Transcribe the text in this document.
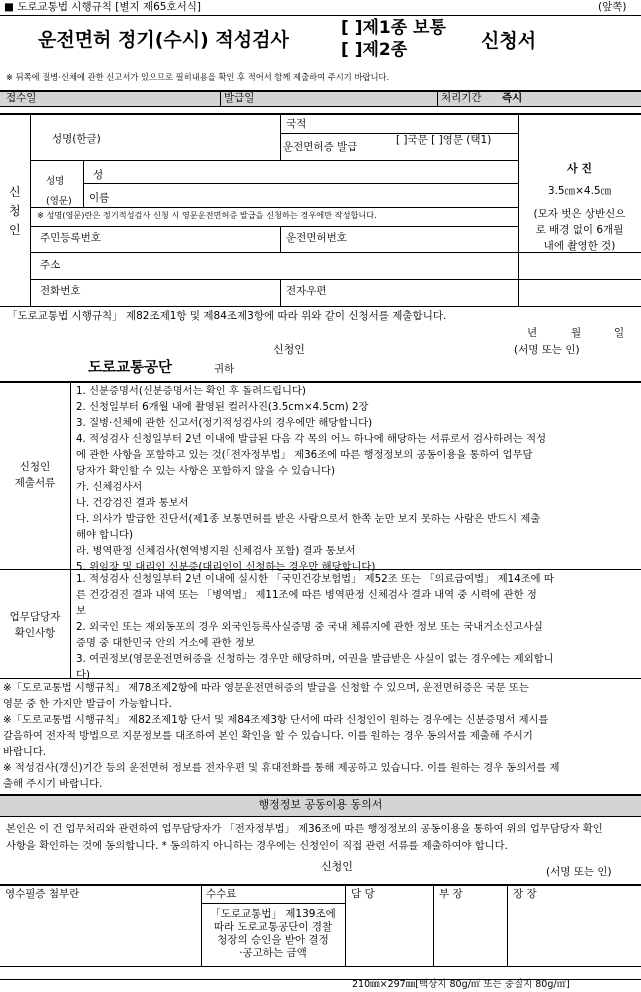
■ 도로교통법 시행규칙 [별지 제65호서식]	(앞쪽)
운전면허 정기(수시) 적성검사
[ ]제1종 보통
[ ]제2종	신청서
※ 뒤쪽에 질병·신체에 관한 신고서가 있으므로 필히내용을 확인 후 적어서 함께 제출하여 주시기 바랍니다.
접수일	발급일	처리기간 즉시
신
청
인
성명(한글)
국적
운전면허증 발급
[ ]국문 [ ]영문 (택1)
성명
(영문)
성
이름
※ 성명(영문)란은 정기적성검사 신청 시 영문운전면허증 발급을 신청하는 경우에만 작성합니다.
주민등록번호	운전면허번호
주소
전화번호	전자우편
사 진
3.5㎝×4.5㎝
(모자 벗은 상반신으
로 배경 없이 6개월
내에 촬영한 것)
「도로교통법 시행규칙」 제82조제1항 및 제84조제3항에 따라 위와 같이 신청서를 제출합니다.
년	월	일
신청인	(서명 또는 인)
도로교통공단	귀하
신청인
제출서류
1. 신분증명서(신분증명서는 확인 후 돌려드립니다)
2. 신청일부터 6개월 내에 촬영된 컬러사진(3.5cm×4.5cm) 2장
3. 질병·신체에 관한 신고서(정기적성검사의 경우에만 해당합니다)
4. 적성검사 신청일부터 2년 이내에 발급된 다음 각 목의 어느 하나에 해당하는 서류로서 검사하려는 적성
에 관한 사항을 포함하고 있는 것(「전자정부법」 제36조에 따른 행정정보의 공동이용을 통하여 업무담
당자가 확인할 수 있는 사항은 포함하지 않을 수 있습니다)
가. 신체검사서
나. 건강검진 결과 통보서
다. 의사가 발급한 진단서(제1종 보통면허를 받은 사람으로서 한쪽 눈만 보지 못하는 사람은 반드시 제출
해야 합니다)
라. 병역판정 신체검사(현역병지원 신체검사 포함) 결과 통보서
5. 위임장 및 대리인 신분증(대리인이 신청하는 경우만 해당합니다)
업무담당자
확인사항
1. 적성검사 신청일부터 2년 이내에 실시한 「국민건강보험법」 제52조 또는 「의료급여법」 제14조에 따
른 건강검진 결과 내역 또는 「병역법」 제11조에 따른 병역판정 신체검사 결과 내역 중 시력에 관한 정
보
2. 외국인 또는 재외동포의 경우 외국인등록사실증명 중 국내 체류지에 관한 정보 또는 국내거소신고사실
증명 중 대한민국 안의 거소에 관한 정보
3. 여권정보(영문운전면허증을 신청하는 경우만 해당하며, 여권을 발급받은 사실이 없는 경우에는 제외합니
다)
※「도로교통법 시행규칙」 제78조제2항에 따라 영문운전면허증의 발급을 신청할 수 있으며, 운전면허증은 국문 또는
영문 중 한 가지만 발급이 가능합니다.
※「도로교통법 시행규칙」 제82조제1항 단서 및 제84조제3항 단서에 따라 신청인이 원하는 경우에는 신분증명서 제시를
갈음하여 전자적 방법으로 지문정보를 대조하여 본인 확인을 할 수 있습니다. 이를 원하는 경우 동의서를 제출해 주시기
바랍니다.
※ 적성검사(갱신)기간 등의 운전면허 정보를 전자우편 및 휴대전화를 통해 제공하고 있습니다. 이를 원하는 경우 동의서를 제
출해 주시기 바랍니다.
행정정보 공동이용 동의서
본인은 이 건 업무처리와 관련하여 업무담당자가 「전자정부법」 제36조에 따른 행정정보의 공동이용을 통하여 위의 업무담당자 확인
사항을 확인하는 것에 동의합니다. * 동의하지 아니하는 경우에는 신청인이 직접 관련 서류를 제출하여야 합니다.
신청인	(서명 또는 인)
영수필증 첨부란	수수료
「도로교통법」 제139조에
따라 도로교통공단이 경찰
청장의 승인을 받아 결정
·공고하는 금액
담 당	부 장	장 장
210㎜×297㎜[백상지 80g/㎡ 또는 중질지 80g/㎡]
